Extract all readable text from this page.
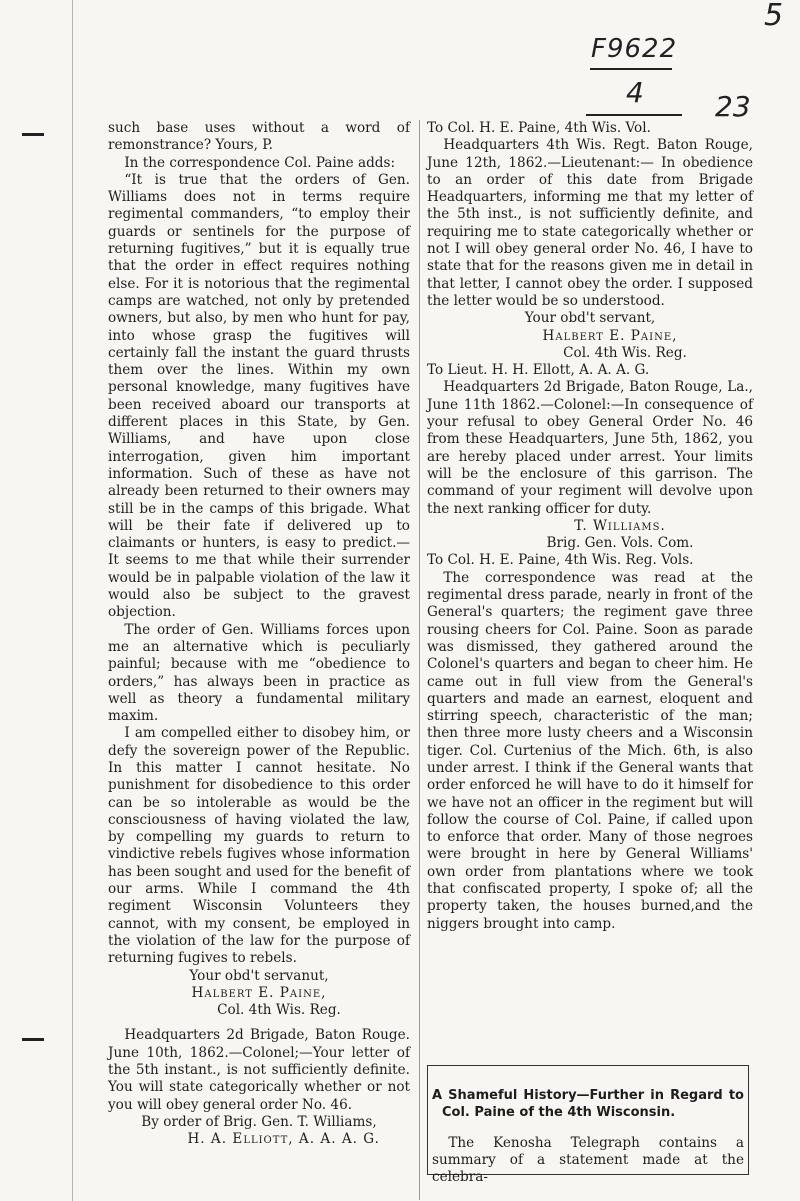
5
F9622
4	23

such base uses without a word of remonstrance? Yours, P.

In the correspondence Col. Paine adds:

“It is true that the orders of Gen. Williams does not in terms require regimental commanders, “to employ their guards or sentinels for the purpose of returning fugitives,” but it is equally true that the order in effect requires nothing else. For it is notorious that the regimental camps are watched, not only by pretended owners, but also, by men who hunt for pay, into whose grasp the fugitives will certainly fall the instant the guard thrusts them over the lines. Within my own personal knowledge, many fugitives have been received aboard our transports at different places in this State, by Gen. Williams, and have upon close interrogation, given him important information. Such of these as have not already been returned to their owners may still be in the camps of this brigade. What will be their fate if delivered up to claimants or hunters, is easy to predict.— It seems to me that while their surrender would be in palpable violation of the law it would also be subject to the gravest objection.

The order of Gen. Williams forces upon me an alternative which is peculiarly painful; because with me “obedience to orders,” has always been in practice as well as theory a fundamental military maxim.

I am compelled either to disobey him, or defy the sovereign power of the Republic. In this matter I cannot hesitate. No punishment for disobedience to this order can be so intolerable as would be the consciousness of having violated the law, by compelling my guards to return to vindictive rebels fugives whose information has been sought and used for the benefit of our arms. While I command the 4th regiment Wisconsin Volunteers they cannot, with my consent, be employed in the violation of the law for the purpose of returning fugives to rebels.

Your obd't servanut,

Halbert E. Paine,

Col. 4th Wis. Reg.

Headquarters 2d Brigade, Baton Rouge. June 10th, 1862.—Colonel;—Your letter of the 5th instant., is not sufficiently definite. You will state categorically whether or not you will obey general order No. 46.

By order of Brig. Gen. T. Williams,

H. A. Elliott, A. A. A. G.

To Col. H. E. Paine, 4th Wis. Vol.

Headquarters 4th Wis. Regt. Baton Rouge, June 12th, 1862.—Lieutenant:— In obedience to an order of this date from Brigade Headquarters, informing me that my letter of the 5th inst., is not sufficiently definite, and requiring me to state categorically whether or not I will obey general order No. 46, I have to state that for the reasons given me in detail in that letter, I cannot obey the order. I supposed the letter would be so understood.

Your obd't servant,

Halbert E. Paine,

Col. 4th Wis. Reg.

To Lieut. H. H. Ellott, A. A. A. G.

Headquarters 2d Brigade, Baton Rouge, La., June 11th 1862.—Colonel:—In consequence of your refusal to obey General Order No. 46 from these Headquarters, June 5th, 1862, you are hereby placed under arrest. Your limits will be the enclosure of this garrison. The command of your regiment will devolve upon the next ranking officer for duty.

T. Williams.

Brig. Gen. Vols. Com.

To Col. H. E. Paine, 4th Wis. Reg. Vols.

The correspondence was read at the regimental dress parade, nearly in front of the General's quarters; the regiment gave three rousing cheers for Col. Paine. Soon as parade was dismissed, they gathered around the Colonel's quarters and began to cheer him. He came out in full view from the General's quarters and made an earnest, eloquent and stirring speech, characteristic of the man; then three more lusty cheers and a Wisconsin tiger. Col. Curtenius of the Mich. 6th, is also under arrest. I think if the General wants that order enforced he will have to do it himself for we have not an officer in the regiment but will follow the course of Col. Paine, if called upon to enforce that order. Many of those negroes were brought in here by General Williams' own order from plantations where we took that confiscated property, I spoke of; all the property taken, the houses burned,and the niggers brought into camp.

A Shameful History—Further in Regard to Col. Paine of the 4th Wisconsin.

The Kenosha Telegraph contains a summary of a statement made at the celebra-
